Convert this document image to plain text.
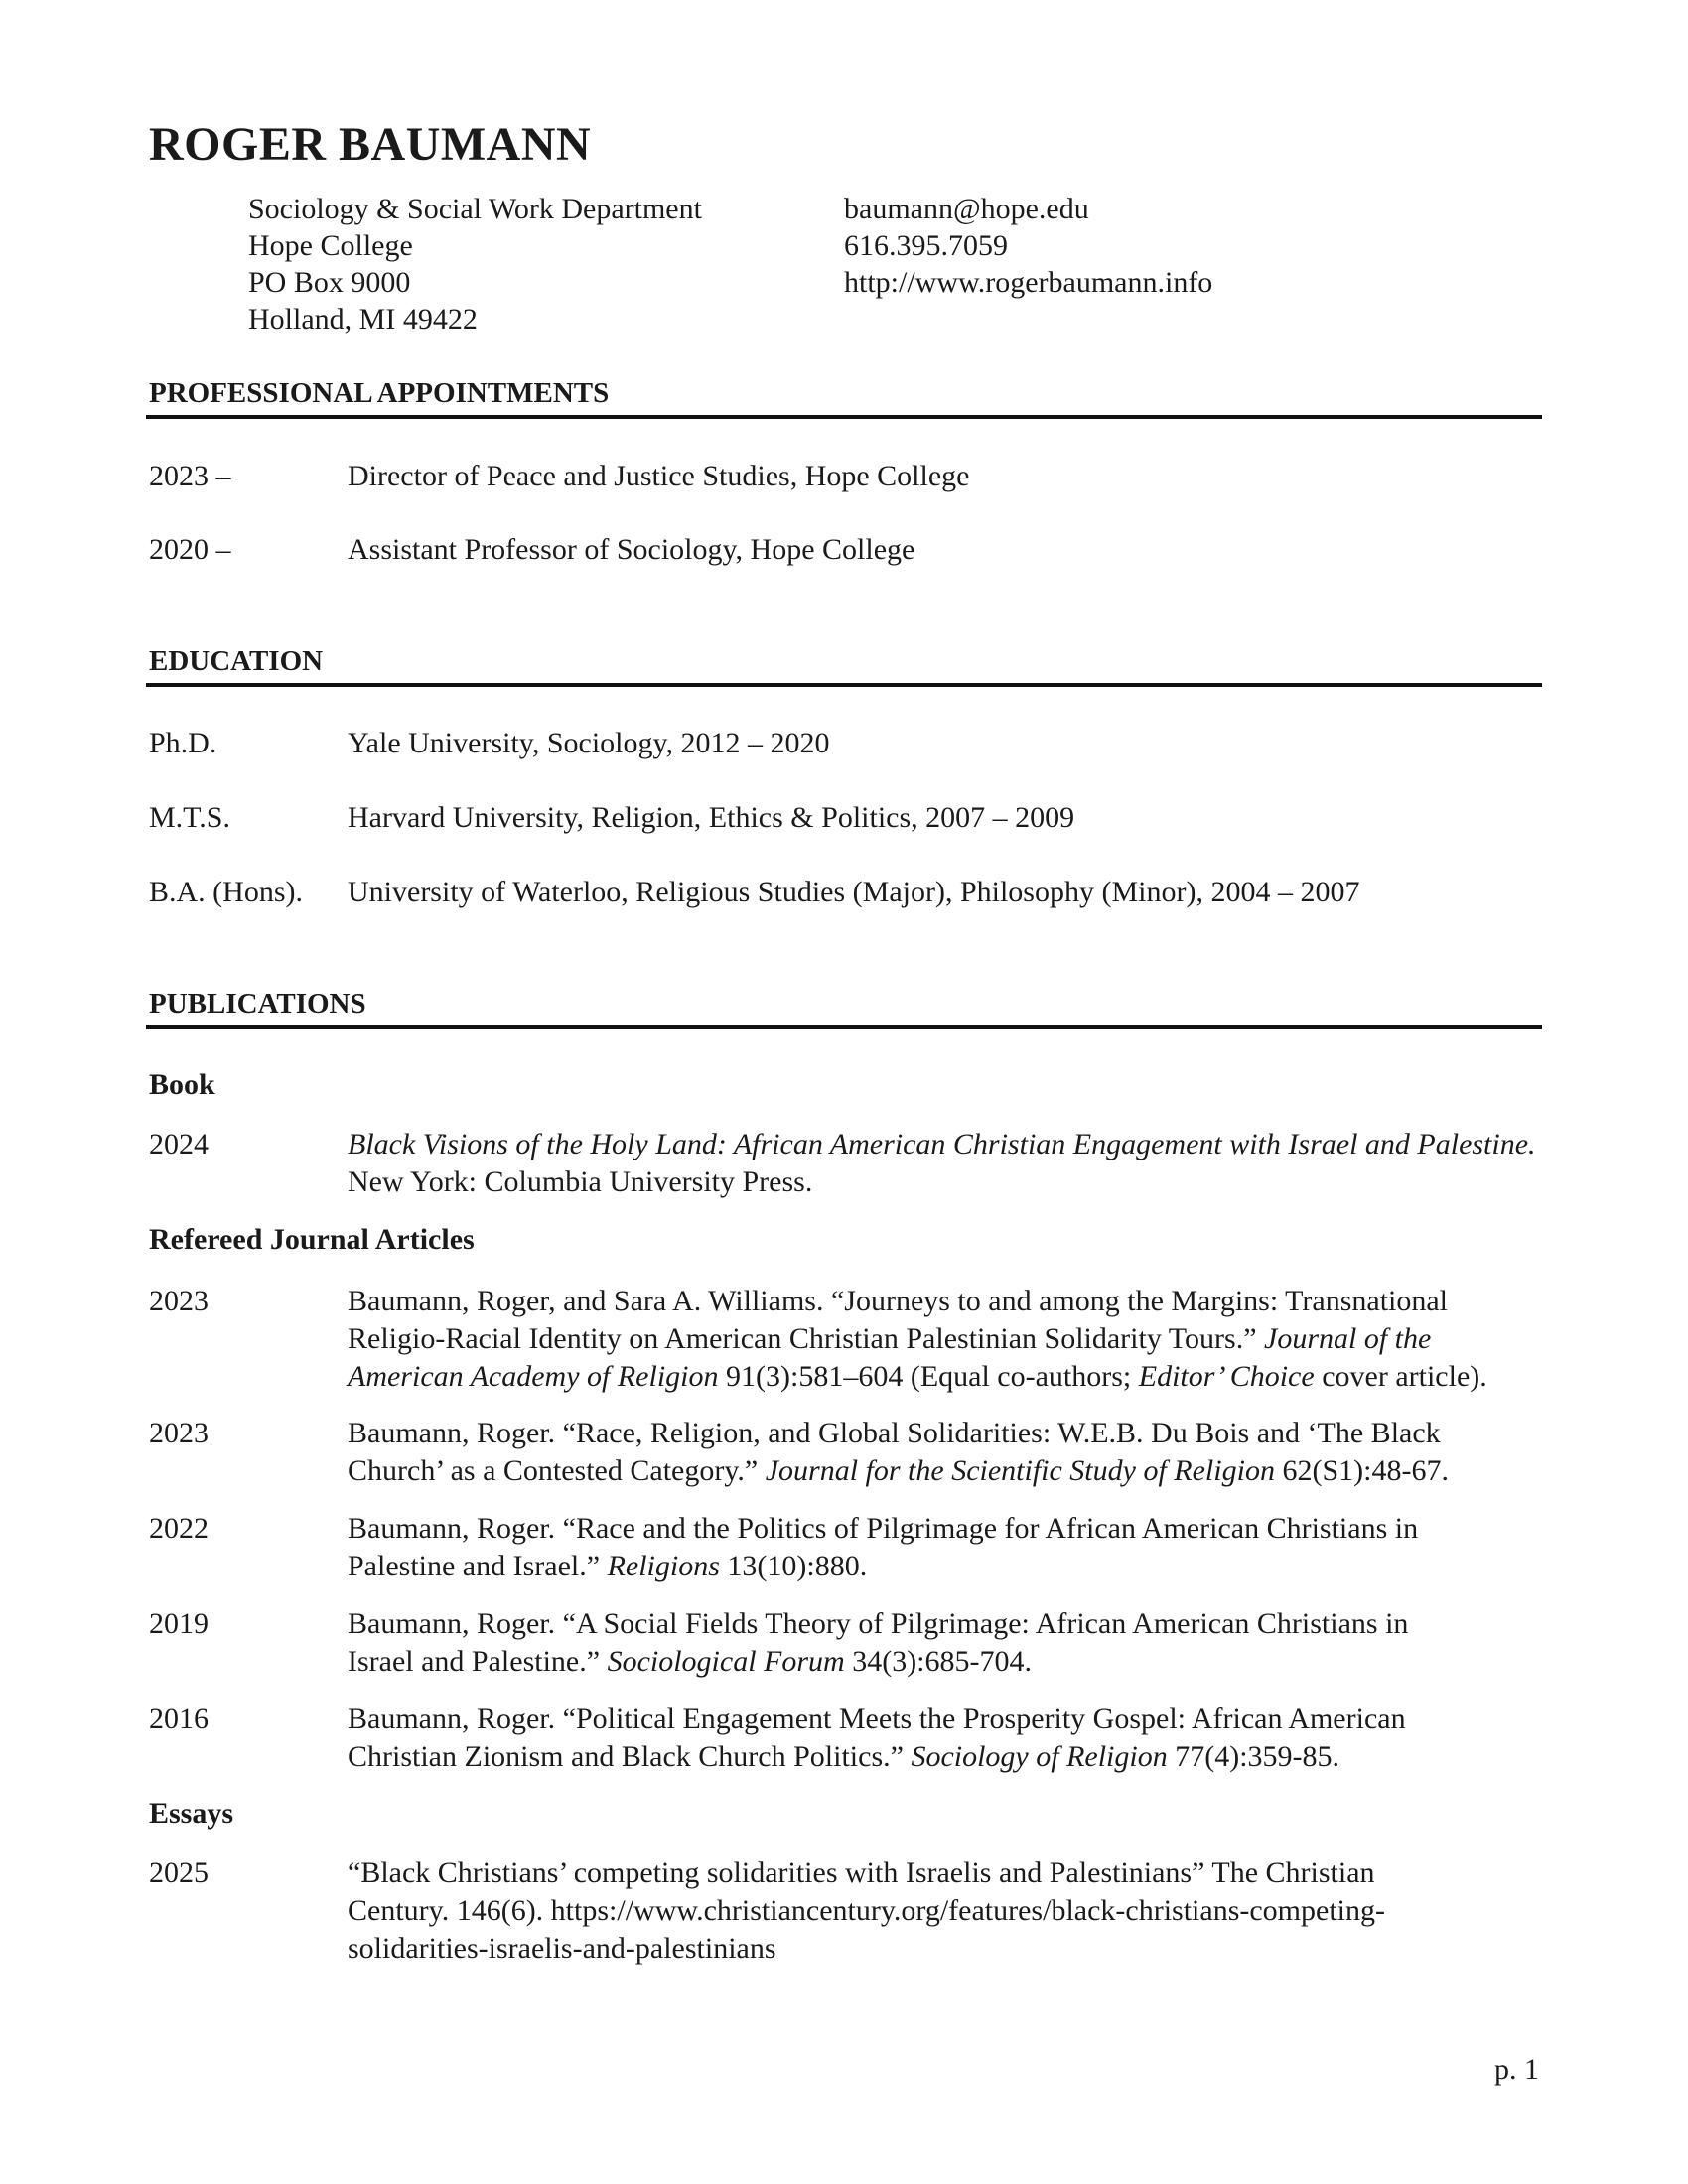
ROGER BAUMANN
Sociology & Social Work Department
Hope College
PO Box 9000
Holland, MI 49422
baumann@hope.edu
616.395.7059
http://www.rogerbaumann.info
PROFESSIONAL APPOINTMENTS
2023 –	Director of Peace and Justice Studies, Hope College
2020 –	Assistant Professor of Sociology, Hope College
EDUCATION
Ph.D.	Yale University, Sociology, 2012 – 2020
M.T.S.	Harvard University, Religion, Ethics & Politics, 2007 – 2009
B.A. (Hons). University of Waterloo, Religious Studies (Major), Philosophy (Minor), 2004 – 2007
PUBLICATIONS
Book
2024	Black Visions of the Holy Land: African American Christian Engagement with Israel and Palestine.
New York: Columbia University Press.
Refereed Journal Articles
2023	Baumann, Roger, and Sara A. Williams. “Journeys to and among the Margins: Transnational
Religio-Racial Identity on American Christian Palestinian Solidarity Tours.” Journal of the
American Academy of Religion 91(3):581–604 (Equal co-authors; Editor’ Choice cover article).
2023	Baumann, Roger. “Race, Religion, and Global Solidarities: W.E.B. Du Bois and ‘The Black
Church’ as a Contested Category.” Journal for the Scientific Study of Religion 62(S1):48-67.
2022	Baumann, Roger. “Race and the Politics of Pilgrimage for African American Christians in
Palestine and Israel.” Religions 13(10):880.
2019	Baumann, Roger. “A Social Fields Theory of Pilgrimage: African American Christians in
Israel and Palestine.” Sociological Forum 34(3):685-704.
2016	Baumann, Roger. “Political Engagement Meets the Prosperity Gospel: African American
Christian Zionism and Black Church Politics.” Sociology of Religion 77(4):359-85.
Essays
2025	“Black Christians’ competing solidarities with Israelis and Palestinians” The Christian
Century. 146(6). https://www.christiancentury.org/features/black-christians-competing-
solidarities-israelis-and-palestinians
p. 1
